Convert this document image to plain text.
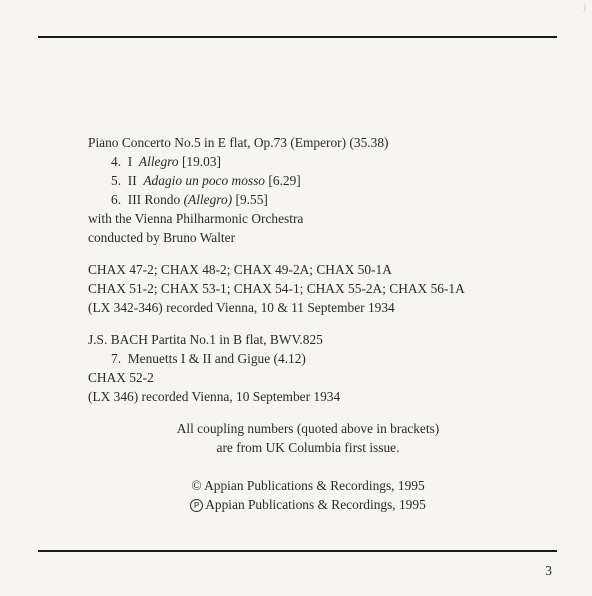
)
Piano Concerto No.5 in E flat, Op.73 (Emperor) (35.38)
4. I Allegro [19.03]
5. II Adagio un poco mosso [6.29]
6. III Rondo (Allegro) [9.55]
with the Vienna Philharmonic Orchestra
conducted by Bruno Walter
CHAX 47-2; CHAX 48-2; CHAX 49-2A; CHAX 50-1A
CHAX 51-2; CHAX 53-1; CHAX 54-1; CHAX 55-2A; CHAX 56-1A
(LX 342-346) recorded Vienna, 10 & 11 September 1934
J.S. BACH Partita No.1 in B flat, BWV.825
7. Menuetts I & II and Gigue (4.12)
CHAX 52-2
(LX 346) recorded Vienna, 10 September 1934
All coupling numbers (quoted above in brackets)
are from UK Columbia first issue.
© Appian Publications & Recordings, 1995
P Appian Publications & Recordings, 1995
3
